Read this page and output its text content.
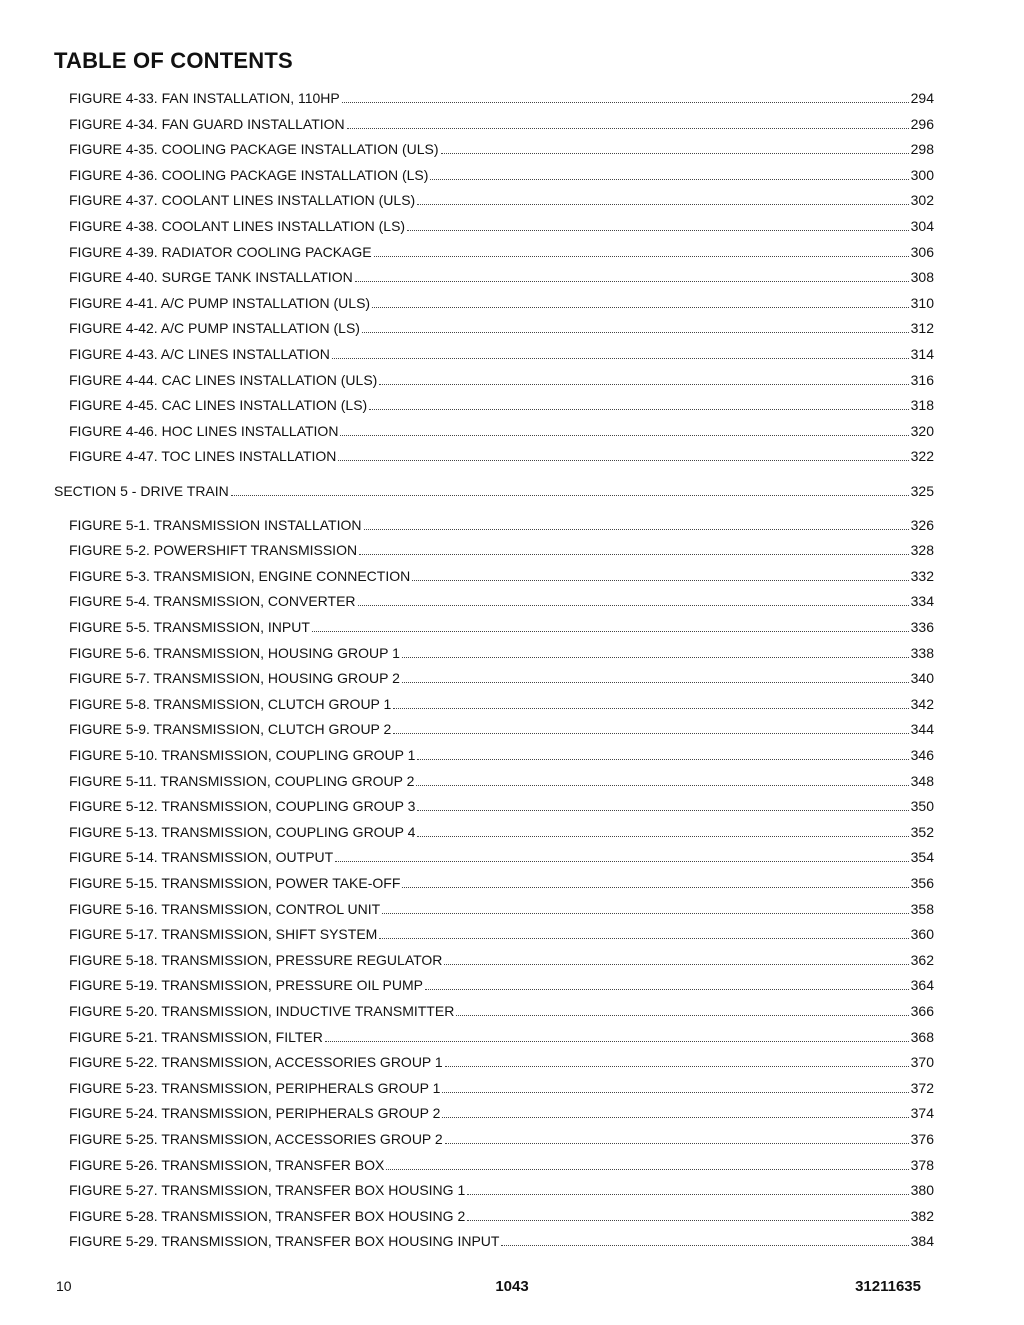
TABLE OF CONTENTS
FIGURE 4-33. FAN INSTALLATION, 110HP	294
FIGURE 4-34. FAN GUARD INSTALLATION	296
FIGURE 4-35. COOLING PACKAGE INSTALLATION (ULS)	298
FIGURE 4-36. COOLING PACKAGE INSTALLATION (LS)	300
FIGURE 4-37. COOLANT LINES INSTALLATION (ULS)	302
FIGURE 4-38. COOLANT LINES INSTALLATION (LS)	304
FIGURE 4-39. RADIATOR COOLING PACKAGE	306
FIGURE 4-40. SURGE TANK INSTALLATION	308
FIGURE 4-41. A/C PUMP INSTALLATION (ULS)	310
FIGURE 4-42. A/C PUMP INSTALLATION (LS)	312
FIGURE 4-43. A/C LINES INSTALLATION	314
FIGURE 4-44. CAC LINES INSTALLATION (ULS)	316
FIGURE 4-45. CAC LINES INSTALLATION (LS)	318
FIGURE 4-46. HOC LINES INSTALLATION	320
FIGURE 4-47. TOC LINES INSTALLATION	322
SECTION 5 - DRIVE TRAIN	325
FIGURE 5-1. TRANSMISSION INSTALLATION	326
FIGURE 5-2. POWERSHIFT TRANSMISSION	328
FIGURE 5-3. TRANSMISION, ENGINE CONNECTION	332
FIGURE 5-4. TRANSMISSION, CONVERTER	334
FIGURE 5-5. TRANSMISSION, INPUT	336
FIGURE 5-6. TRANSMISSION, HOUSING GROUP 1	338
FIGURE 5-7. TRANSMISSION, HOUSING GROUP 2	340
FIGURE 5-8. TRANSMISSION, CLUTCH GROUP 1	342
FIGURE 5-9. TRANSMISSION, CLUTCH GROUP 2	344
FIGURE 5-10. TRANSMISSION, COUPLING GROUP 1	346
FIGURE 5-11. TRANSMISSION, COUPLING GROUP 2	348
FIGURE 5-12. TRANSMISSION, COUPLING GROUP 3	350
FIGURE 5-13. TRANSMISSION, COUPLING GROUP 4	352
FIGURE 5-14. TRANSMISSION, OUTPUT	354
FIGURE 5-15. TRANSMISSION, POWER TAKE-OFF	356
FIGURE 5-16. TRANSMISSION, CONTROL UNIT	358
FIGURE 5-17. TRANSMISSION, SHIFT SYSTEM	360
FIGURE 5-18. TRANSMISSION, PRESSURE REGULATOR	362
FIGURE 5-19. TRANSMISSION, PRESSURE OIL PUMP	364
FIGURE 5-20. TRANSMISSION, INDUCTIVE TRANSMITTER	366
FIGURE 5-21. TRANSMISSION, FILTER	368
FIGURE 5-22. TRANSMISSION, ACCESSORIES GROUP 1	370
FIGURE 5-23. TRANSMISSION, PERIPHERALS GROUP 1	372
FIGURE 5-24. TRANSMISSION, PERIPHERALS GROUP 2	374
FIGURE 5-25. TRANSMISSION, ACCESSORIES GROUP 2	376
FIGURE 5-26. TRANSMISSION, TRANSFER BOX	378
FIGURE 5-27. TRANSMISSION, TRANSFER BOX HOUSING 1	380
FIGURE 5-28. TRANSMISSION, TRANSFER BOX HOUSING 2	382
FIGURE 5-29. TRANSMISSION, TRANSFER BOX HOUSING INPUT	384
10	1043	31211635
